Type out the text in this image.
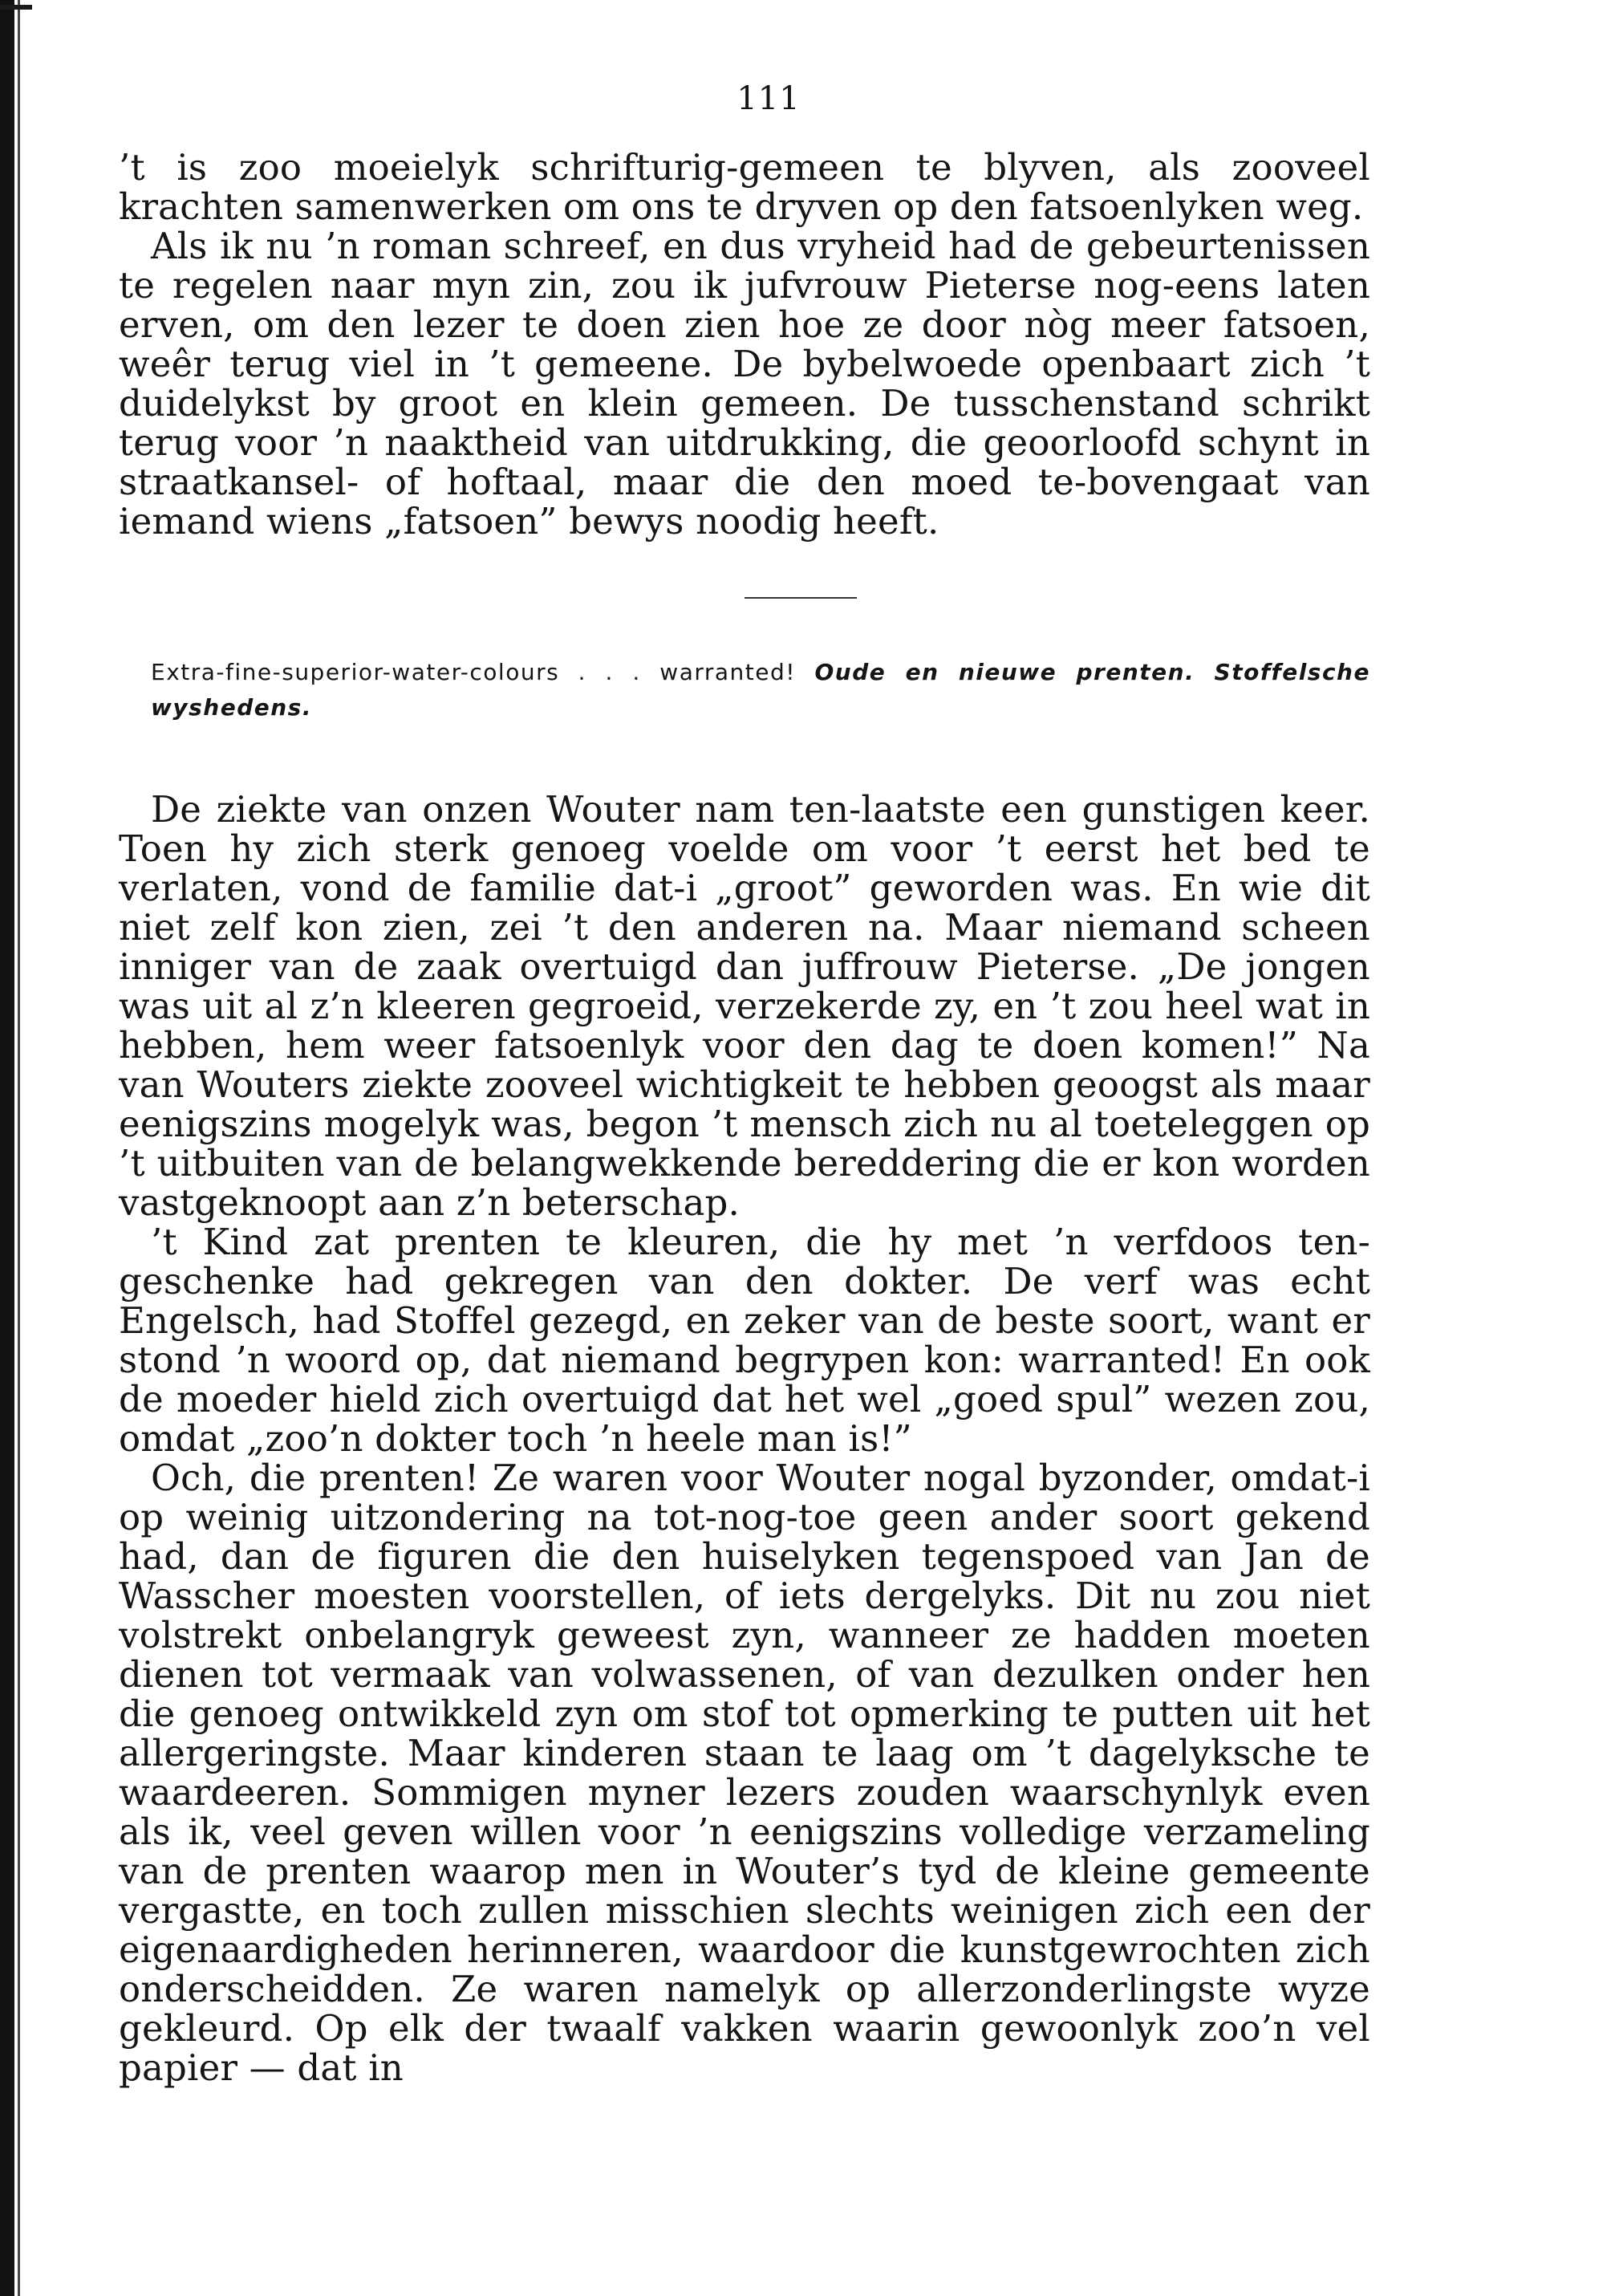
111

’t is zoo moeielyk schrifturig-gemeen te blyven, als zooveel krachten samenwerken om ons te dryven op den fatsoenlyken weg.

Als ik nu ’n roman schreef, en dus vryheid had de gebeurtenissen te regelen naar myn zin, zou ik jufvrouw Pieterse nog-eens laten erven, om den lezer te doen zien hoe ze door nòg meer fatsoen, weêr terug viel in ’t gemeene. De bybelwoede openbaart zich ’t duidelykst by groot en klein gemeen. De tusschenstand schrikt terug voor ’n naaktheid van uitdrukking, die geoorloofd schynt in straatkansel- of hoftaal, maar die den moed te-bovengaat van iemand wiens „fatsoen” bewys noodig heeft.

Extra-fine-superior-water-colours . . . warranted! Oude en nieuwe prenten. Stoffelsche wyshedens.

De ziekte van onzen Wouter nam ten-laatste een gunstigen keer. Toen hy zich sterk genoeg voelde om voor ’t eerst het bed te verlaten, vond de familie dat-i „groot” geworden was. En wie dit niet zelf kon zien, zei ’t den anderen na. Maar niemand scheen inniger van de zaak overtuigd dan juffrouw Pieterse. „De jongen was uit al z’n kleeren gegroeid, verzekerde zy, en ’t zou heel wat in hebben, hem weer fatsoenlyk voor den dag te doen komen!” Na van Wouters ziekte zooveel wichtigkeit te hebben geoogst als maar eenigszins mogelyk was, begon ’t mensch zich nu al toeteleggen op ’t uitbuiten van de belangwekkende bereddering die er kon worden vastgeknoopt aan z’n beterschap.

’t Kind zat prenten te kleuren, die hy met ’n verfdoos ten-geschenke had gekregen van den dokter. De verf was echt Engelsch, had Stoffel gezegd, en zeker van de beste soort, want er stond ’n woord op, dat niemand begrypen kon: warranted! En ook de moeder hield zich overtuigd dat het wel „goed spul” wezen zou, omdat „zoo’n dokter toch ’n heele man is!”

Och, die prenten! Ze waren voor Wouter nogal byzonder, omdat-i op weinig uitzondering na tot-nog-toe geen ander soort gekend had, dan de figuren die den huiselyken tegenspoed van Jan de Wasscher moesten voorstellen, of iets dergelyks. Dit nu zou niet volstrekt onbelangryk geweest zyn, wanneer ze hadden moeten dienen tot vermaak van volwassenen, of van dezulken onder hen die genoeg ontwikkeld zyn om stof tot opmerking te putten uit het allergeringste. Maar kinderen staan te laag om ’t dagelyksche te waardeeren. Sommigen myner lezers zouden waarschynlyk even als ik, veel geven willen voor ’n eenigszins volledige verzameling van de prenten waarop men in Wouter’s tyd de kleine gemeente vergastte, en toch zullen misschien slechts weinigen zich een der eigenaardigheden herinneren, waardoor die kunstgewrochten zich onderscheidden. Ze waren namelyk op allerzonderlingste wyze gekleurd. Op elk der twaalf vakken waarin gewoonlyk zoo’n vel papier — dat in
